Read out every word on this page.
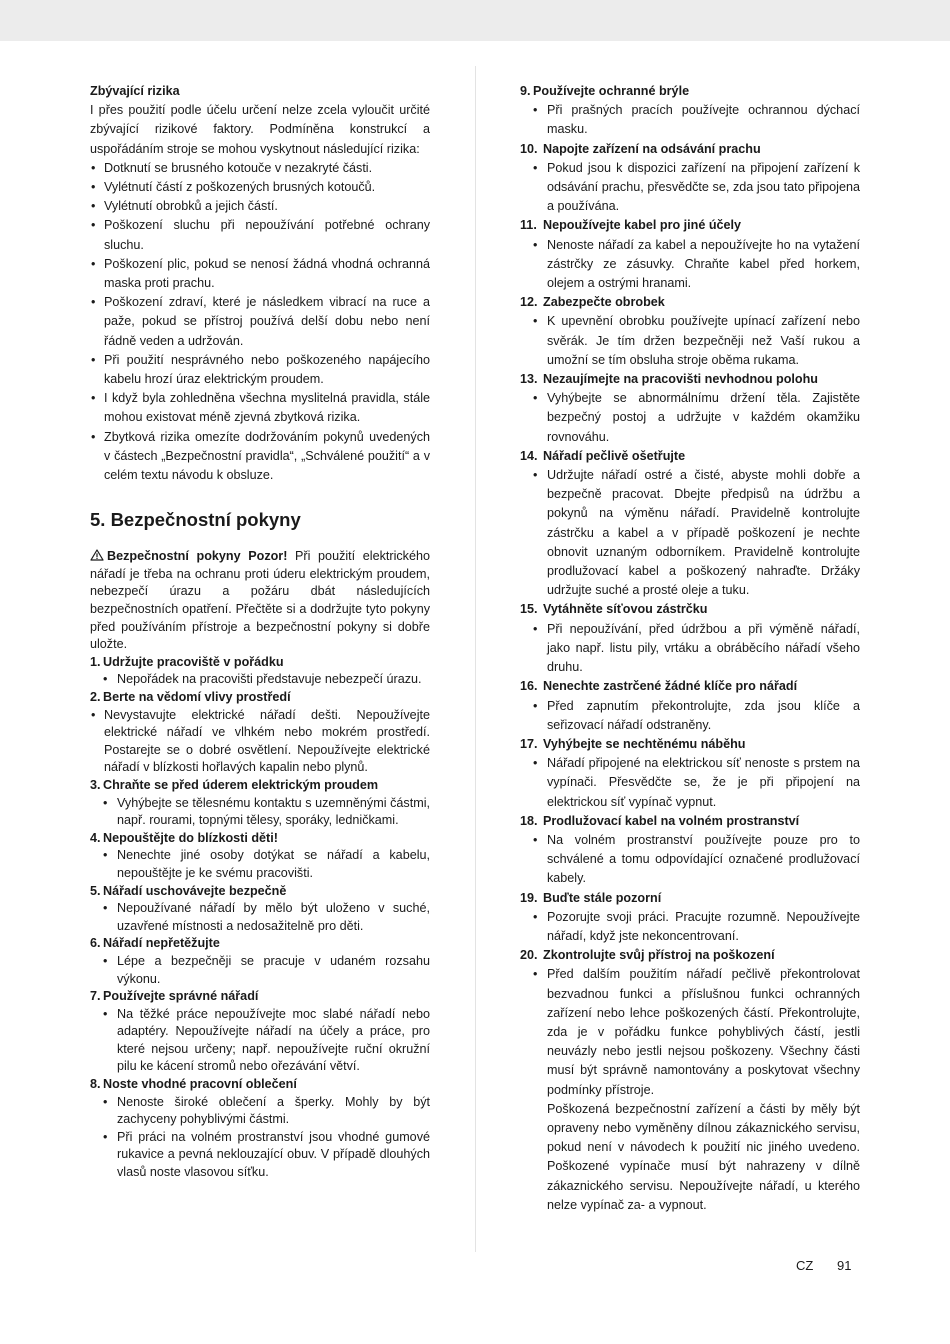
Zbývající rizika

I přes použití podle účelu určení nelze zcela vyloučit určité zbývající rizikové faktory. Podmíněna konstrukcí a uspořádáním stroje se mohou vyskytnout následující rizika:

• Dotknutí se brusného kotouče v nezakryté části.
• Vylétnutí částí z poškozených brusných kotoučů.
• Vylétnutí obrobků a jejich částí.
• Poškození sluchu při nepoužívání potřebné ochrany sluchu.
• Poškození plic, pokud se nenosí žádná vhodná ochranná maska proti prachu.
• Poškození zdraví, které je následkem vibrací na ruce a paže, pokud se přístroj používá delší dobu nebo není řádně veden a udržován.
• Při použití nesprávného nebo poškozeného napájecího kabelu hrozí úraz elektrickým proudem.
• I když byla zohledněna všechna myslitelná pravidla, stále mohou existovat méně zjevná zbytková rizika.
• Zbytková rizika omezíte dodržováním pokynů uvedených v částech „Bezpečnostní pravidla“, „Schválené použití“ a v celém textu návodu k obsluze.
5. Bezpečnostní pokyny

Bezpečnostní pokyny Pozor! Při použití elektrického nářadí je třeba na ochranu proti úderu elektrickým proudem, nebezpečí úrazu a požáru dbát následujících bezpečnostních opatření. Přečtěte si a dodržujte tyto pokyny před používáním přístroje a bezpečnostní pokyny si dobře uložte.

1. Udržujte pracoviště v pořádku
• Nepořádek na pracovišti představuje nebezpečí úrazu.
2. Berte na vědomí vlivy prostředí
• Nevystavujte elektrické nářadí dešti. Nepoužívejte elektrické nářadí ve vlhkém nebo mokrém prostředí. Postarejte se o dobré osvětlení. Nepoužívejte elektrické nářadí v blízkosti hořlavých kapalin nebo plynů.
3. Chraňte se před úderem elektrickým proudem
• Vyhýbejte se tělesnému kontaktu s uzemněnými částmi, např. rourami, topnými tělesy, sporáky, ledničkami.
4. Nepouštějte do blízkosti děti!
• Nenechte jiné osoby dotýkat se nářadí a kabelu, nepouštějte je ke svému pracovišti.
5. Nářadí uschovávejte bezpečně
• Nepoužívané nářadí by mělo být uloženo v suché, uzavřené místnosti a nedosažitelně pro děti.
6. Nářadí nepřetěžujte
• Lépe a bezpečněji se pracuje v udaném rozsahu výkonu.
7. Používejte správné nářadí
• Na těžké práce nepoužívejte moc slabé nářadí nebo adaptéry. Nepoužívejte nářadí na účely a práce, pro které nejsou určeny; např. nepoužívejte ruční okružní pilu ke kácení stromů nebo ořezávání větví.
8. Noste vhodné pracovní oblečení
• Nenoste široké oblečení a šperky. Mohly by být zachyceny pohyblivými částmi.
• Při práci na volném prostranství jsou vhodné gumové rukavice a pevná neklouzající obuv. V případě dlouhých vlasů noste vlasovou síťku.
9. Používejte ochranné brýle
• Při prašných pracích používejte ochrannou dýchací masku.
10. Napojte zařízení na odsávání prachu
• Pokud jsou k dispozici zařízení na připojení zařízení k odsávání prachu, přesvědčte se, zda jsou tato připojena a používána.
11. Nepoužívejte kabel pro jiné účely
• Nenoste nářadí za kabel a nepoužívejte ho na vytažení zástrčky ze zásuvky. Chraňte kabel před horkem, olejem a ostrými hranami.
12. Zabezpečte obrobek
• K upevnění obrobku používejte upínací zařízení nebo svěrák. Je tím držen bezpečněji než Vaší rukou a umožní se tím obsluha stroje oběma rukama.
13. Nezaujímejte na pracovišti nevhodnou polohu
• Vyhýbejte se abnormálnímu držení těla. Zajistěte bezpečný postoj a udržujte v každém okamžiku rovnováhu.
14. Nářadí pečlivě ošetřujte
• Udržujte nářadí ostré a čisté, abyste mohli dobře a bezpečně pracovat. Dbejte předpisů na údržbu a pokynů na výměnu nářadí. Pravidelně kontrolujte zástrčku a kabel a v případě poškození je nechte obnovit uznaným odborníkem. Pravidelně kontrolujte prodlužovací kabel a poškozený nahraďte. Držáky udržujte suché a prosté oleje a tuku.
15. Vytáhněte síťovou zástrčku
• Při nepoužívání, před údržbou a při výměně nářadí, jako např. listu pily, vrtáku a obráběcího nářadí všeho druhu.
16. Nenechte zastrčené žádné klíče pro nářadí
• Před zapnutím překontrolujte, zda jsou klíče a seřizovací nářadí odstraněny.
17. Vyhýbejte se nechtěnému náběhu
• Nářadí připojené na elektrickou síť nenoste s prstem na vypínači. Přesvědčte se, že je při připojení na elektrickou síť vypínač vypnut.
18. Prodlužovací kabel na volném prostranství
• Na volném prostranství používejte pouze pro to schválené a tomu odpovídající označené prodlužovací kabely.
19. Buďte stále pozorní
• Pozorujte svoji práci. Pracujte rozumně. Nepoužívejte nářadí, když jste nekoncentrovaní.
20. Zkontrolujte svůj přístroj na poškození
• Před dalším použitím nářadí pečlivě překontrolovat bezvadnou funkci a příslušnou funkci ochranných zařízení nebo lehce poškozených částí. Překontrolujte, zda je v pořádku funkce pohyblivých částí, jestli neuvázly nebo jestli nejsou poškozeny. Všechny části musí být správně namontovány a poskytovat všechny podmínky přístroje.

Poškozená bezpečnostní zařízení a části by měly být opraveny nebo vyměněny dílnou zákaznického servisu, pokud není v návodech k použití nic jiného uvedeno. Poškozené vypínače musí být nahrazeny v dílně zákaznického servisu. Nepoužívejte nářadí, u kterého nelze vypínač za- a vypnout.

CZ 91
